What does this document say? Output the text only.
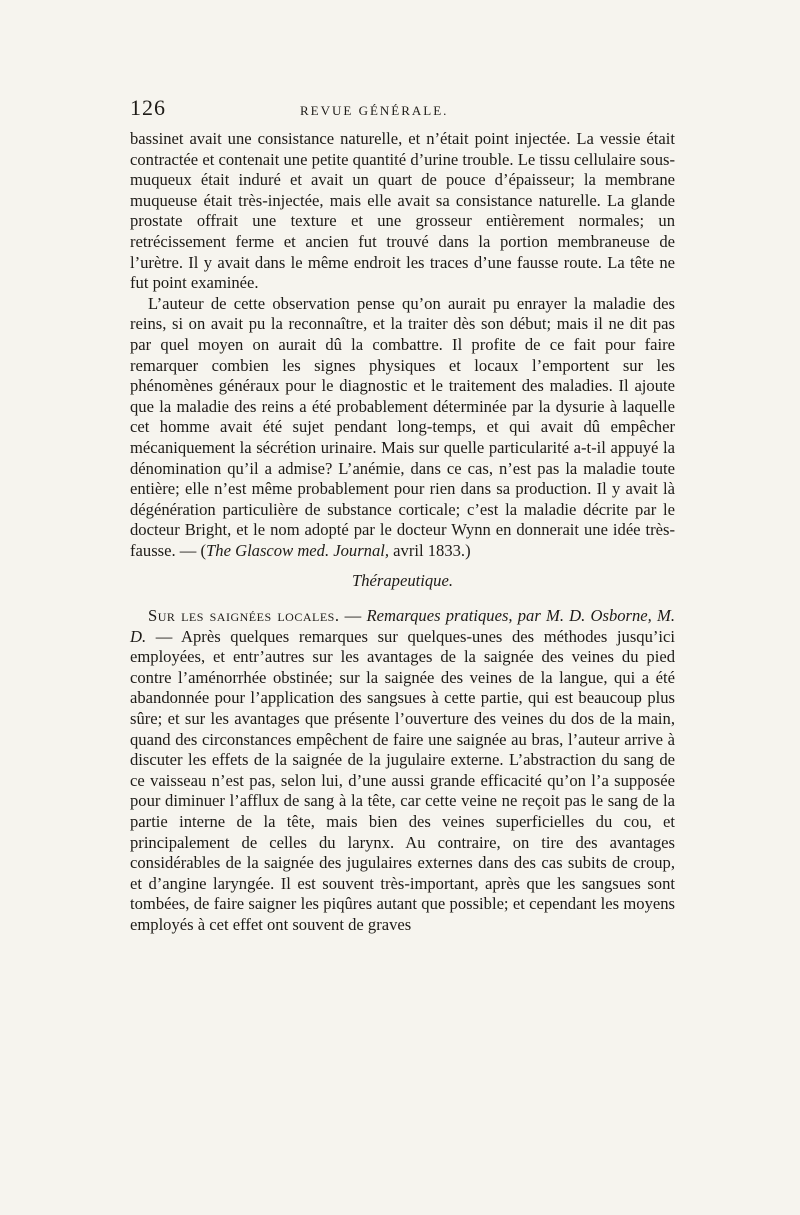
126	REVUE GÉNÉRALE.

bassinet avait une consistance naturelle, et n’était point injectée. La vessie était contractée et contenait une petite quantité d’urine trouble. Le tissu cellulaire sous-muqueux était induré et avait un quart de pouce d’épaisseur; la membrane muqueuse était très-injectée, mais elle avait sa consistance naturelle. La glande prostate offrait une texture et une grosseur entièrement normales; un retrécissement ferme et ancien fut trouvé dans la portion membraneuse de l’urètre. Il y avait dans le même endroit les traces d’une fausse route. La tête ne fut point examinée.

L’auteur de cette observation pense qu’on aurait pu enrayer la maladie des reins, si on avait pu la reconnaître, et la traiter dès son début; mais il ne dit pas par quel moyen on aurait dû la combattre. Il profite de ce fait pour faire remarquer combien les signes physiques et locaux l’emportent sur les phénomènes généraux pour le diagnostic et le traitement des maladies. Il ajoute que la maladie des reins a été probablement déterminée par la dysurie à laquelle cet homme avait été sujet pendant long-temps, et qui avait dû empêcher mécaniquement la sécrétion urinaire. Mais sur quelle particularité a-t-il appuyé la dénomination qu’il a admise? L’anémie, dans ce cas, n’est pas la maladie toute entière; elle n’est même probablement pour rien dans sa production. Il y avait là dégénération particulière de substance corticale; c’est la maladie décrite par le docteur Bright, et le nom adopté par le docteur Wynn en donnerait une idée très-fausse. — (The Glascow med. Journal, avril 1833.)

Thérapeutique.

Sur les saignées locales. — Remarques pratiques, par M. D. Osborne, M. D. — Après quelques remarques sur quelques-unes des méthodes jusqu’ici employées, et entr’autres sur les avantages de la saignée des veines du pied contre l’aménorrhée obstinée; sur la saignée des veines de la langue, qui a été abandonnée pour l’application des sangsues à cette partie, qui est beaucoup plus sûre; et sur les avantages que présente l’ouverture des veines du dos de la main, quand des circonstances empêchent de faire une saignée au bras, l’auteur arrive à discuter les effets de la saignée de la jugulaire externe. L’abstraction du sang de ce vaisseau n’est pas, selon lui, d’une aussi grande efficacité qu’on l’a supposée pour diminuer l’afflux de sang à la tête, car cette veine ne reçoit pas le sang de la partie interne de la tête, mais bien des veines superficielles du cou, et principalement de celles du larynx. Au contraire, on tire des avantages considérables de la saignée des jugulaires externes dans des cas subits de croup, et d’angine laryngée. Il est souvent très-important, après que les sangsues sont tombées, de faire saigner les piqûres autant que possible; et cependant les moyens employés à cet effet ont souvent de graves
